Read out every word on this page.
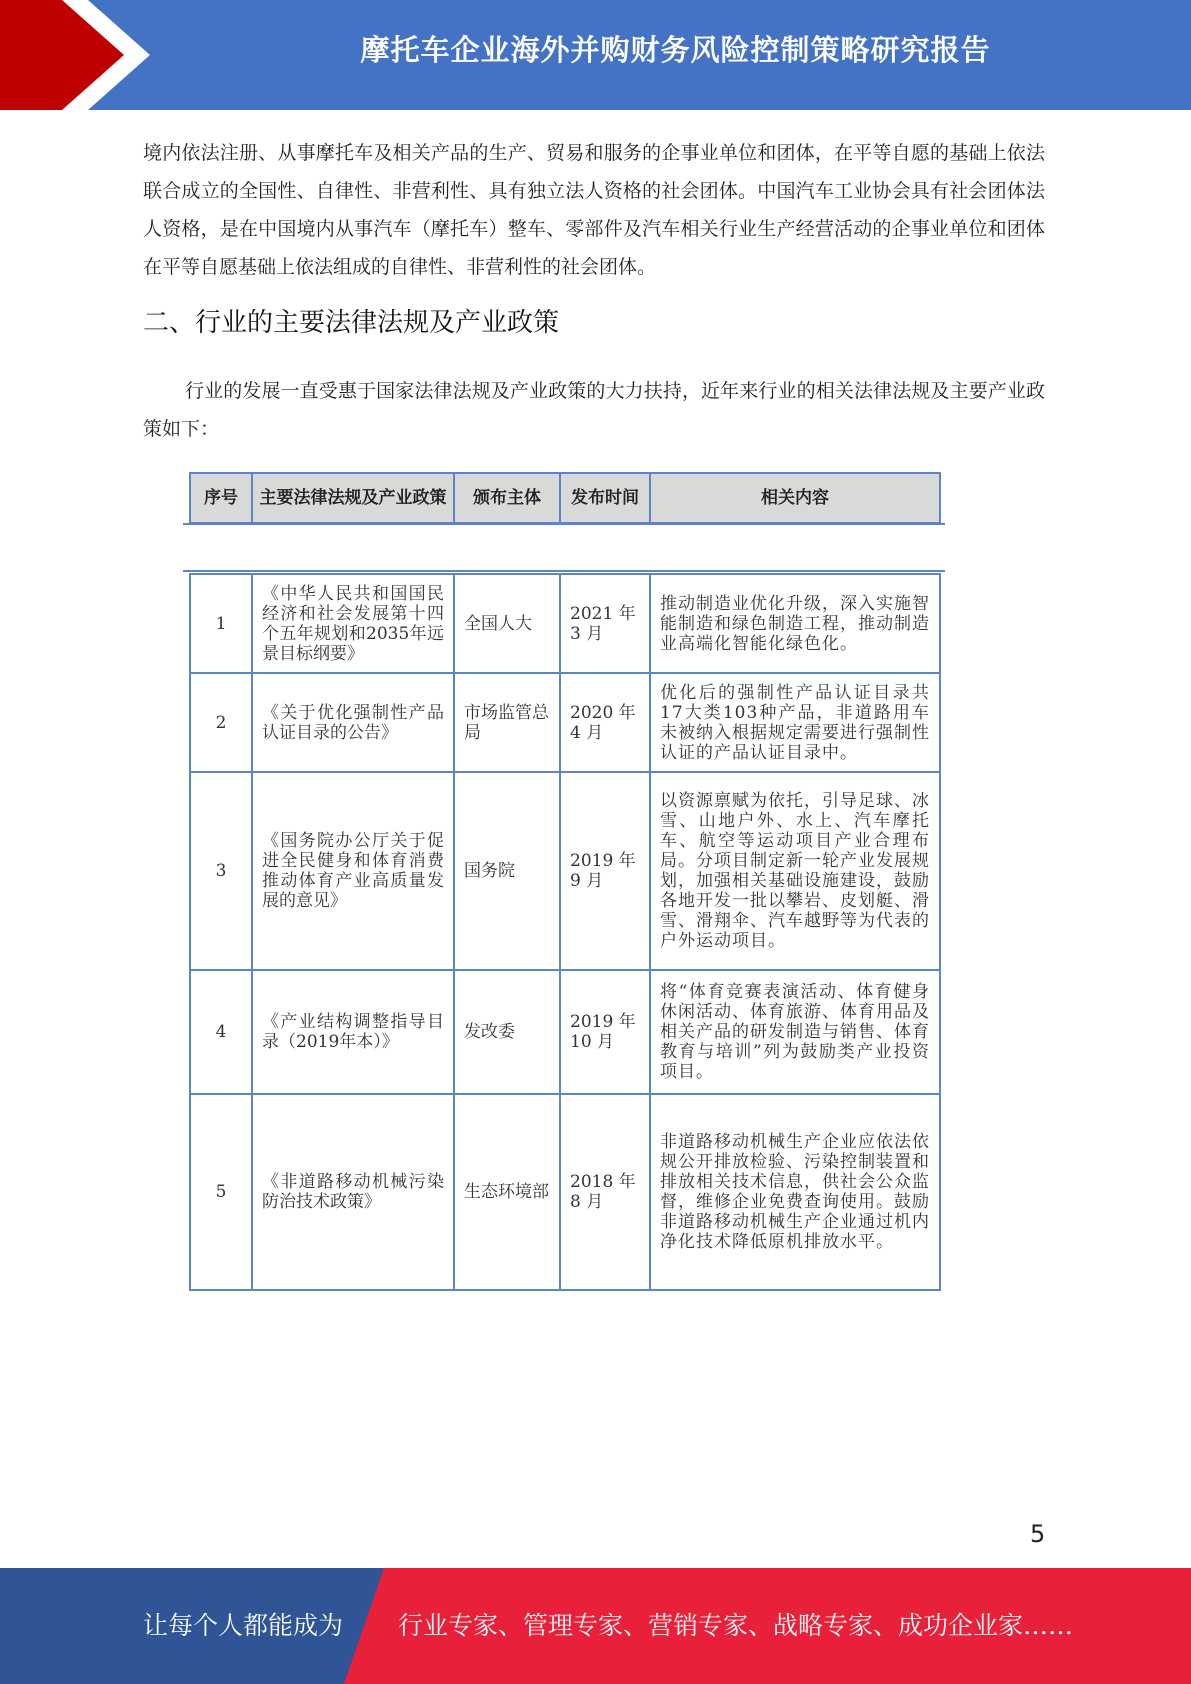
摩托车企业海外并购财务风险控制策略研究报告

境内依法注册、从事摩托车及相关产品的生产、贸易和服务的企事业单位和团体，在平等自愿的基础上依法联合成立的全国性、自律性、非营利性、具有独立法人资格的社会团体。中国汽车工业协会具有社会团体法人资格，是在中国境内从事汽车（摩托车）整车、零部件及汽车相关行业生产经营活动的企事业单位和团体在平等自愿基础上依法组成的自律性、非营利性的社会团体。

二、行业的主要法律法规及产业政策

行业的发展一直受惠于国家法律法规及产业政策的大力扶持，近年来行业的相关法律法规及主要产业政策如下：

序号	主要法律法规及产业政策	颁布主体	发布时间	相关内容
1	《中华人民共和国国民经济和社会发展第十四个五年规划和2035年远景目标纲要》	全国人大	2021 年 3 月	推动制造业优化升级，深入实施智能制造和绿色制造工程，推动制造业高端化智能化绿色化。
2	《关于优化强制性产品认证目录的公告》	市场监管总局	2020 年 4 月	优化后的强制性产品认证目录共17大类103种产品，非道路用车未被纳入根据规定需要进行强制性认证的产品认证目录中。
3	《国务院办公厅关于促进全民健身和体育消费推动体育产业高质量发展的意见》	国务院	2019 年 9 月	以资源禀赋为依托，引导足球、冰雪、山地户外、水上、汽车摩托车、航空等运动项目产业合理布局。分项目制定新一轮产业发展规划，加强相关基础设施建设，鼓励各地开发一批以攀岩、皮划艇、滑雪、滑翔伞、汽车越野等为代表的户外运动项目。
4	《产业结构调整指导目录（2019年本）》	发改委	2019 年 10 月	将“体育竞赛表演活动、体育健身休闲活动、体育旅游、体育用品及相关产品的研发制造与销售、体育教育与培训”列为鼓励类产业投资项目。
5	《非道路移动机械污染防治技术政策》	生态环境部	2018 年 8 月	非道路移动机械生产企业应依法依规公开排放检验、污染控制装置和排放相关技术信息，供社会公众监督，维修企业免费查询使用。鼓励非道路移动机械生产企业通过机内净化技术降低原机排放水平。
5
让每个人都能成为 行业专家、管理专家、营销专家、战略专家、成功企业家……
